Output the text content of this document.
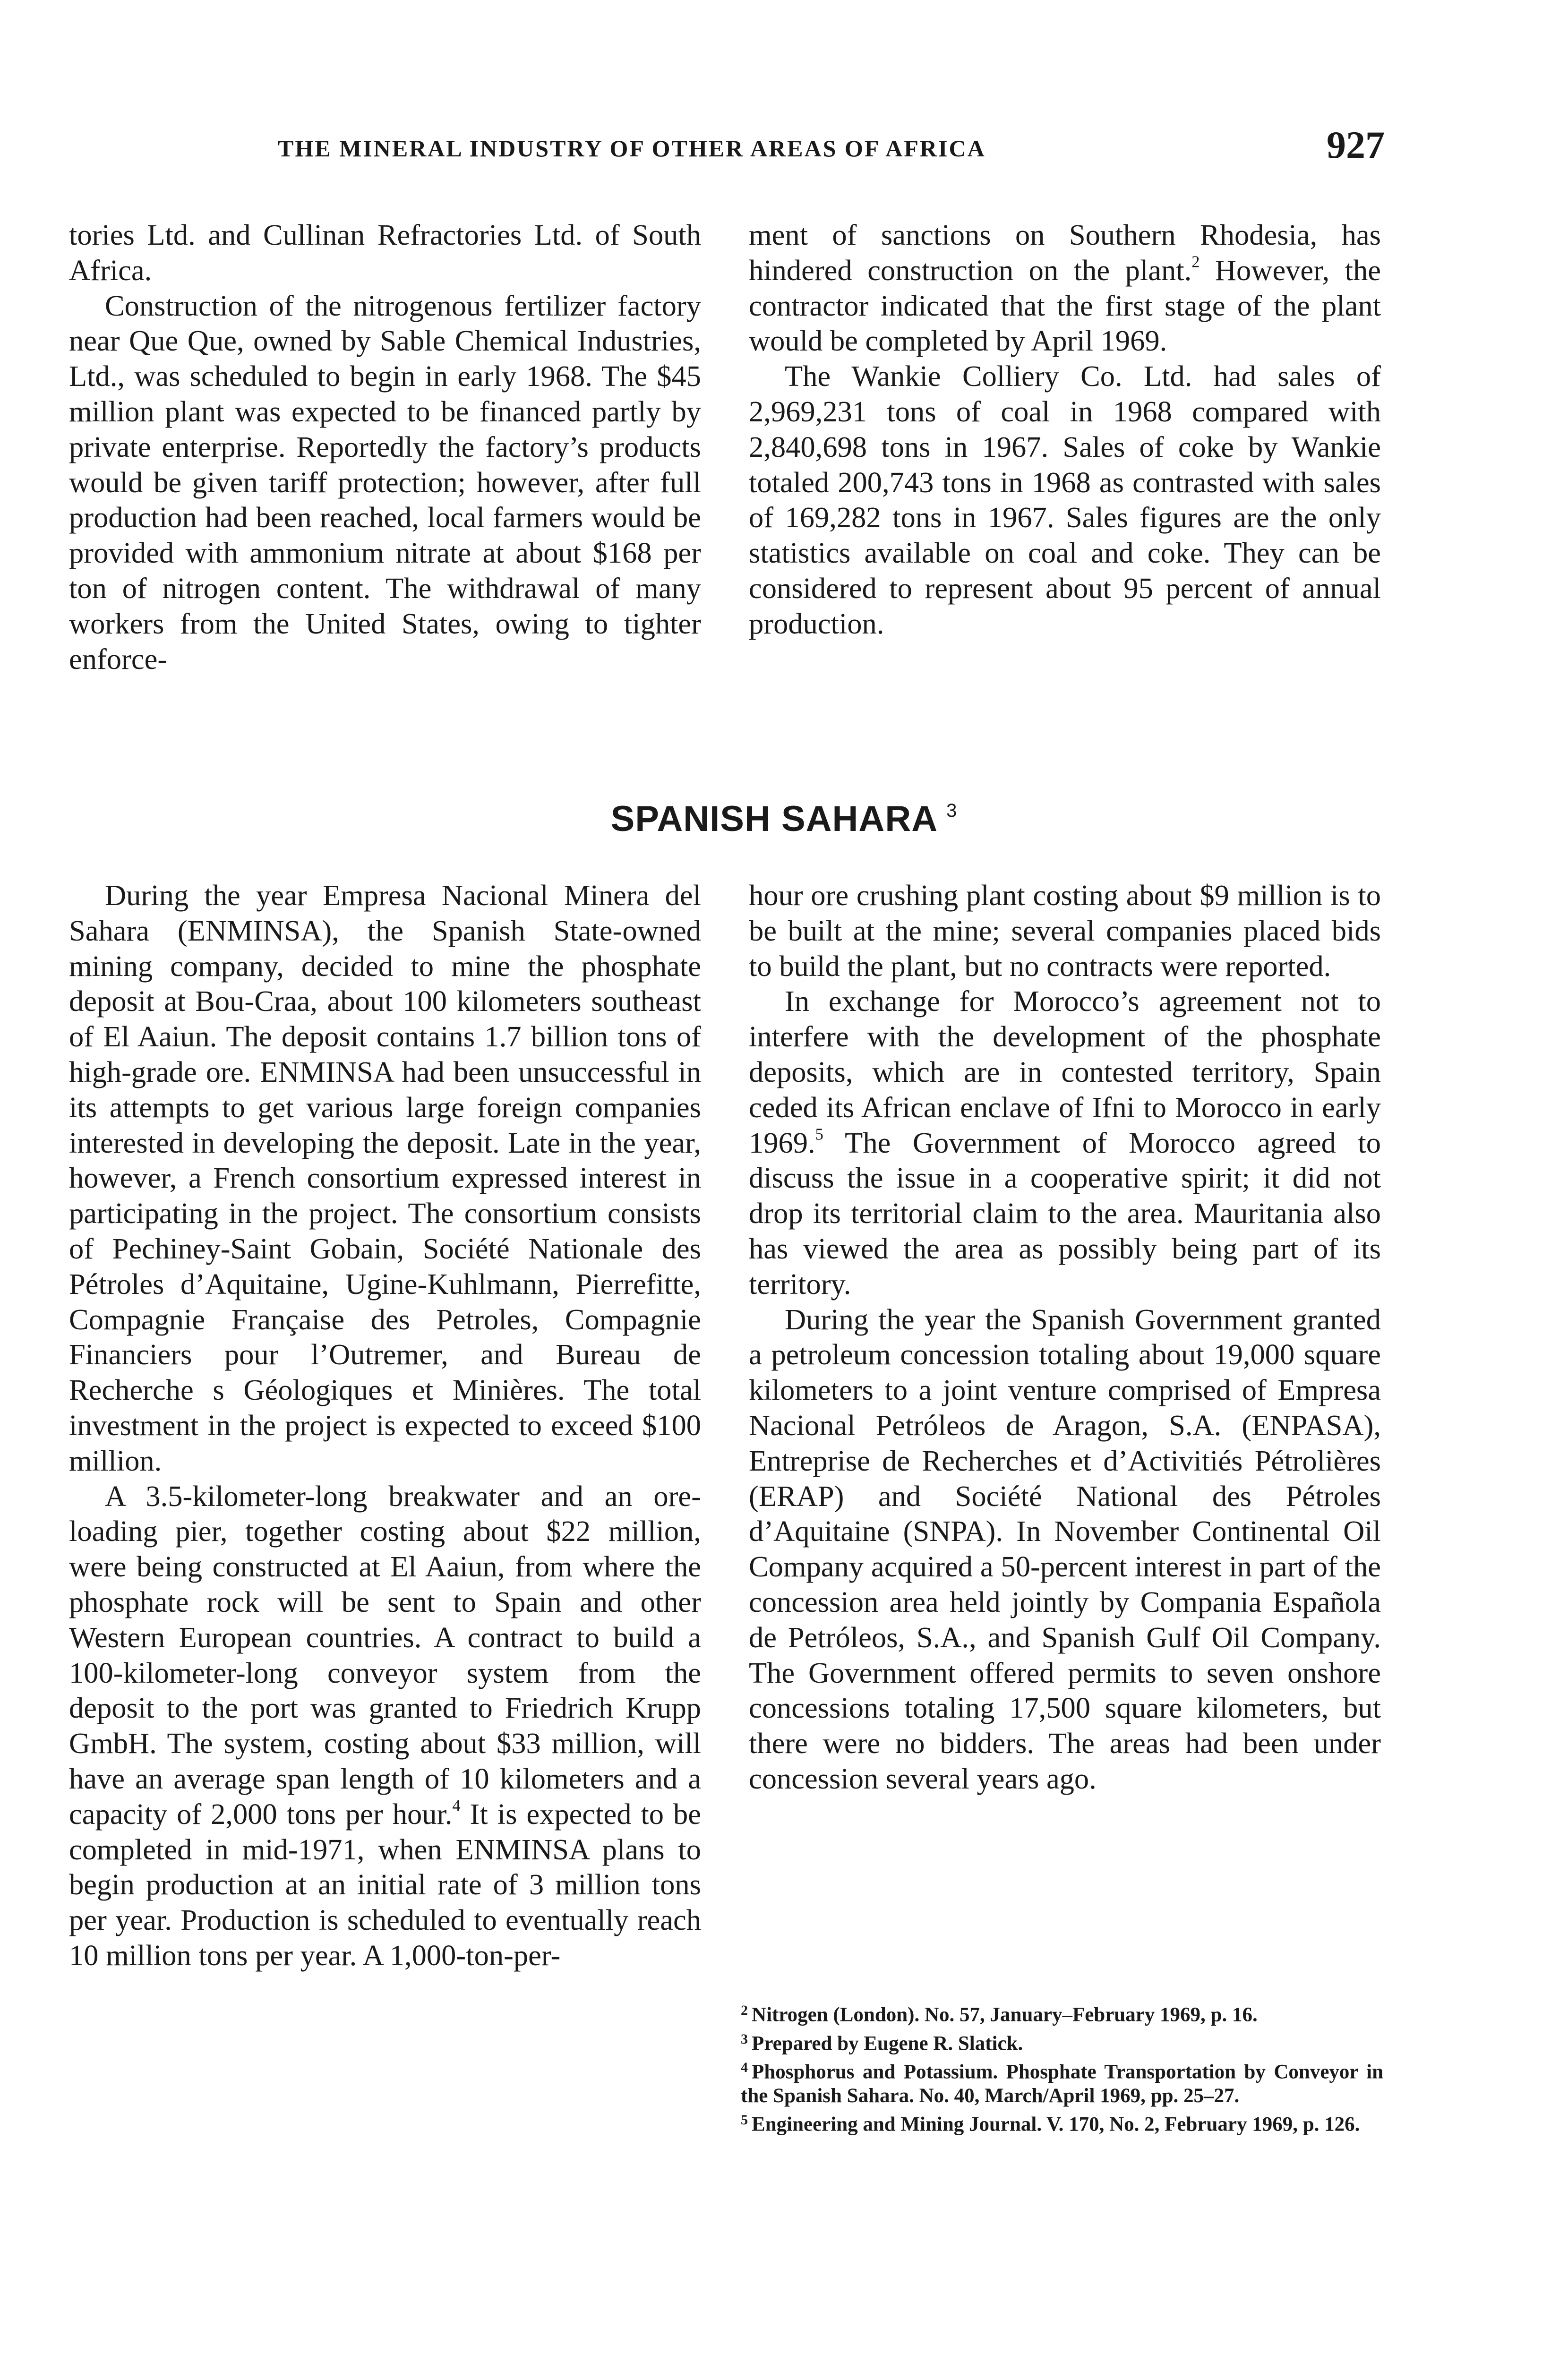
THE MINERAL INDUSTRY OF OTHER AREAS OF AFRICA	927

tories Ltd. and Cullinan Refractories Ltd. of South Africa.

Construction of the nitrogenous fertilizer factory near Que Que, owned by Sable Chemical Industries, Ltd., was scheduled to begin in early 1968. The $45 million plant was expected to be financed partly by private enterprise. Reportedly the factory’s products would be given tariff protection; however, after full production had been reached, local farmers would be provided with ammonium nitrate at about $168 per ton of nitrogen content. The withdrawal of many workers from the United States, owing to tighter enforce-

ment of sanctions on Southern Rhodesia, has hindered construction on the plant.$^2$ However, the contractor indicated that the first stage of the plant would be completed by April 1969.

The Wankie Colliery Co. Ltd. had sales of 2,969,231 tons of coal in 1968 compared with 2,840,698 tons in 1967. Sales of coke by Wankie totaled 200,743 tons in 1968 as contrasted with sales of 169,282 tons in 1967. Sales figures are the only statistics available on coal and coke. They can be considered to represent about 95 percent of annual production.

SPANISH SAHARA $^3$

During the year Empresa Nacional Minera del Sahara (ENMINSA), the Spanish State-owned mining company, decided to mine the phosphate deposit at Bou-Craa, about 100 kilometers southeast of El Aaiun. The deposit contains 1.7 billion tons of high-grade ore. ENMINSA had been unsuccessful in its attempts to get various large foreign companies interested in developing the deposit. Late in the year, however, a French consortium expressed interest in participating in the project. The consortium consists of Pechiney-Saint Gobain, Société Nationale des Pétroles d’Aquitaine, Ugine-Kuhlmann, Pierrefitte, Compagnie Française des Petroles, Compagnie Financiers pour l’Outremer, and Bureau de Recherche s Géologiques et Minières. The total investment in the project is expected to exceed $100 million.

A 3.5-kilometer-long breakwater and an ore-loading pier, together costing about $22 million, were being constructed at El Aaiun, from where the phosphate rock will be sent to Spain and other Western European countries. A contract to build a 100-kilometer-long conveyor system from the deposit to the port was granted to Friedrich Krupp GmbH. The system, costing about $33 million, will have an average span length of 10 kilometers and a capacity of 2,000 tons per hour.$^4$ It is expected to be completed in mid-1971, when ENMINSA plans to begin production at an initial rate of 3 million tons per year. Production is scheduled to eventually reach 10 million tons per year. A 1,000-ton-per-

hour ore crushing plant costing about $9 million is to be built at the mine; several companies placed bids to build the plant, but no contracts were reported.

In exchange for Morocco’s agreement not to interfere with the development of the phosphate deposits, which are in contested territory, Spain ceded its African enclave of Ifni to Morocco in early 1969.$^5$ The Government of Morocco agreed to discuss the issue in a cooperative spirit; it did not drop its territorial claim to the area. Mauritania also has viewed the area as possibly being part of its territory.

During the year the Spanish Government granted a petroleum concession totaling about 19,000 square kilometers to a joint venture comprised of Empresa Nacional Petróleos de Aragon, S.A. (ENPASA), Entreprise de Recherches et d’Activitiés Pétrolières (ERAP) and Société National des Pétroles d’Aquitaine (SNPA). In November Continental Oil Company acquired a 50-percent interest in part of the concession area held jointly by Compania Española de Petróleos, S.A., and Spanish Gulf Oil Company. The Government offered permits to seven onshore concessions totaling 17,500 square kilometers, but there were no bidders. The areas had been under concession several years ago.

$^2$ Nitrogen (London). No. 57, January–February 1969, p. 16.

$^3$ Prepared by Eugene R. Slatick.

$^4$ Phosphorus and Potassium. Phosphate Transportation by Conveyor in the Spanish Sahara. No. 40, March/April 1969, pp. 25–27.

$^5$ Engineering and Mining Journal. V. 170, No. 2, February 1969, p. 126.
